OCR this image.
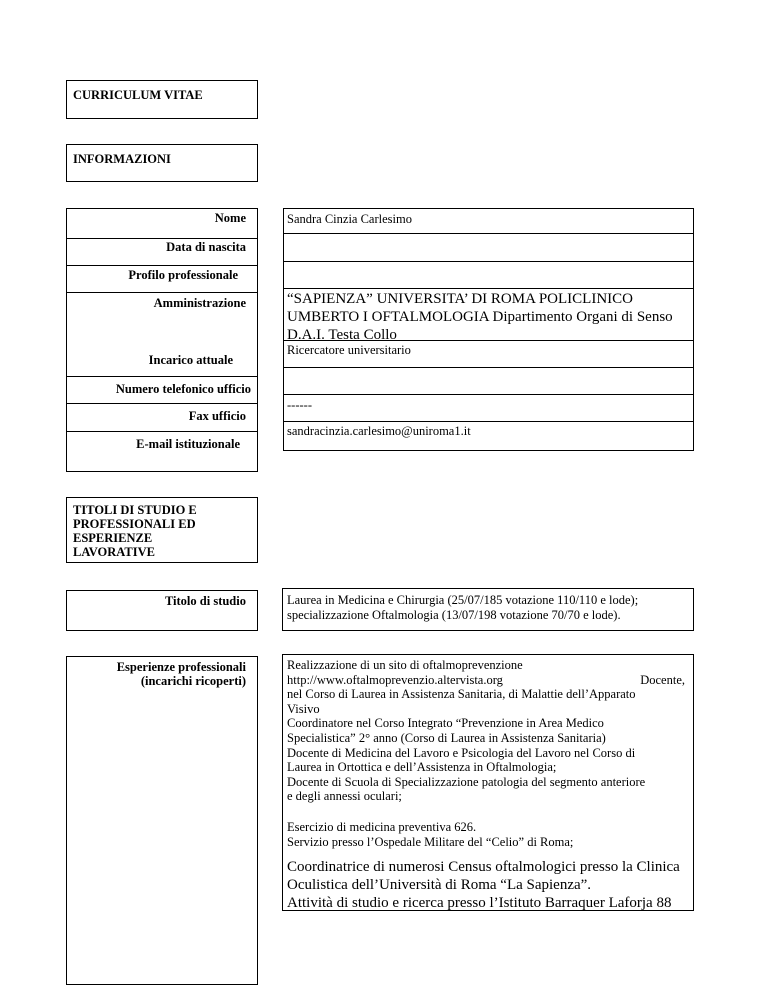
CURRICULUM VITAE
INFORMAZIONI
Nome
Data di nascita
Profilo professionale
Amministrazione
Incarico attuale
Numero telefonico ufficio
Fax ufficio
E-mail istituzionale
Sandra Cinzia Carlesimo
“SAPIENZA” UNIVERSITA’ DI ROMA POLICLINICO
UMBERTO I OFTALMOLOGIA Dipartimento Organi di Senso
D.A.I. Testa Collo
Ricercatore universitario
------
sandracinzia.carlesimo@uniroma1.it
TITOLI DI STUDIO E
PROFESSIONALI ED
ESPERIENZE
LAVORATIVE
Titolo di studio	Laurea in Medicina e Chirurgia (25/07/185 votazione 110/110 e lode);
specializzazione Oftalmologia (13/07/198 votazione 70/70 e lode).
Esperienze professionali
(incarichi ricoperti)
Realizzazione di un sito di oftalmoprevenzione
http://www.oftalmoprevenzio.altervista.org	Docente,
nel Corso di Laurea in Assistenza Sanitaria, di Malattie dell’Apparato
Visivo
Coordinatore nel Corso Integrato “Prevenzione in Area Medico
Specialistica” 2° anno (Corso di Laurea in Assistenza Sanitaria)
Docente di Medicina del Lavoro e Psicologia del Lavoro nel Corso di
Laurea in Ortottica e dell’Assistenza in Oftalmologia;
Docente di Scuola di Specializzazione patologia del segmento anteriore
e degli annessi oculari;
Esercizio di medicina preventiva 626.
Servizio presso l’Ospedale Militare del “Celio” di Roma;
Coordinatrice di numerosi Census oftalmologici presso la Clinica
Oculistica dell’Università di Roma “La Sapienza”.
Attività di studio e ricerca presso l’Istituto Barraquer Laforja 88
